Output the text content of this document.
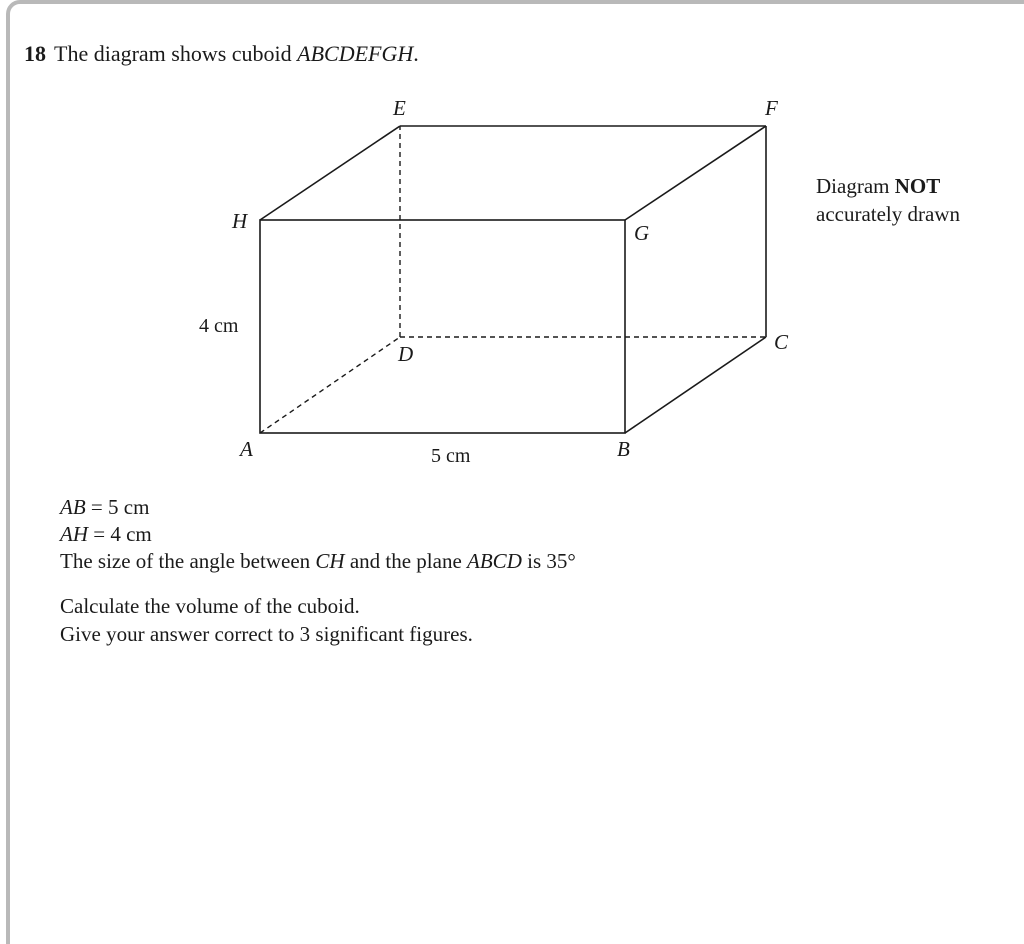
18 The diagram shows cuboid ABCDEFGH.
E	F
H	G
D	C
A	B
4 cm
5 cm
Diagram NOT
accurately drawn
AB = 5 cm
AH = 4 cm
The size of the angle between CH and the plane ABCD is 35°
Calculate the volume of the cuboid.
Give your answer correct to 3 significant figures.
